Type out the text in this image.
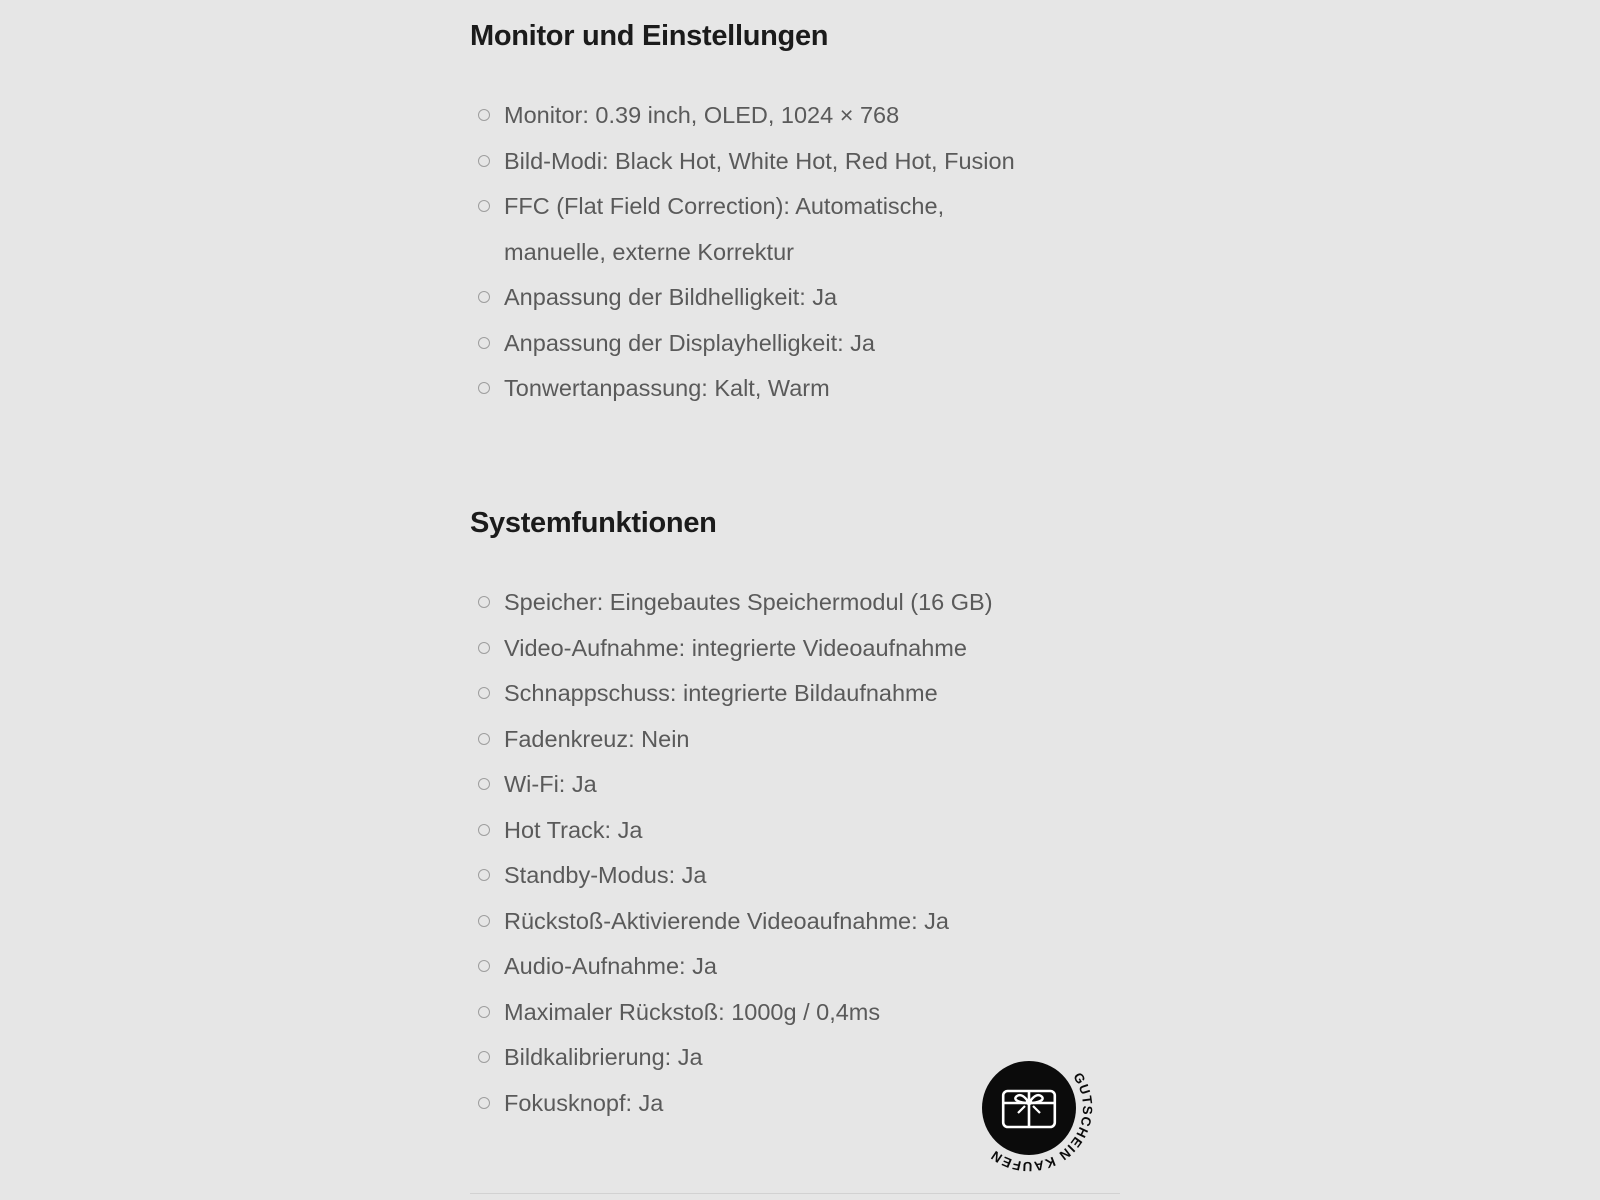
Monitor und Einstellungen
Monitor: 0.39 inch, OLED, 1024 × 768
Bild-Modi: Black Hot, White Hot, Red Hot, Fusion
FFC (Flat Field Correction): Automatische, manuelle, externe Korrektur
Anpassung der Bildhelligkeit: Ja
Anpassung der Displayhelligkeit: Ja
Tonwertanpassung: Kalt, Warm
Systemfunktionen
Speicher: Eingebautes Speichermodul (16 GB)
Video-Aufnahme: integrierte Videoaufnahme
Schnappschuss: integrierte Bildaufnahme
Fadenkreuz: Nein
Wi-Fi: Ja
Hot Track: Ja
Standby-Modus: Ja
Rückstoß-Aktivierende Videoaufnahme: Ja
Audio-Aufnahme: Ja
Maximaler Rückstoß: 1000g / 0,4ms
Bildkalibrierung: Ja
Fokusknopf: Ja
GUTSCHEIN KAUFEN
